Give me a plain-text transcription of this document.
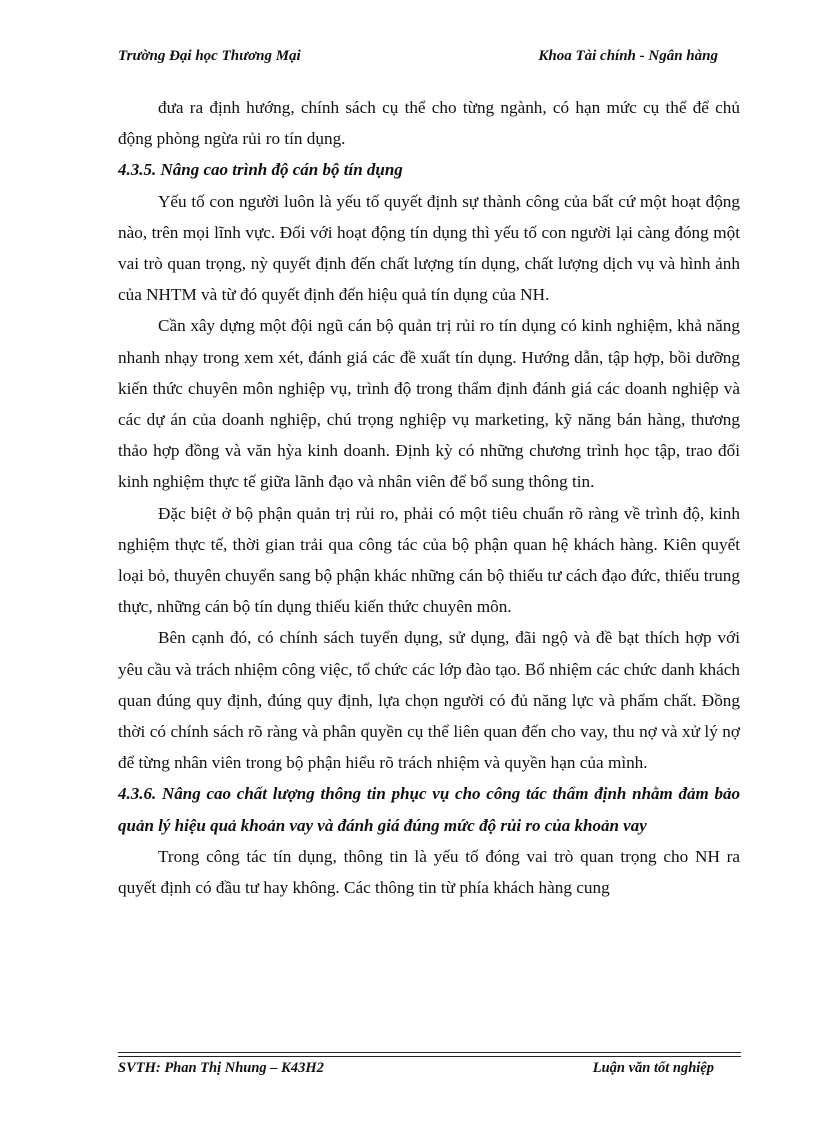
Trường Đại học Thương Mại	Khoa Tài chính - Ngân hàng

đưa ra định hướng, chính sách cụ thể cho từng ngành, có hạn mức cụ thể để chủ động phòng ngừa rủi ro tín dụng.

4.3.5. Nâng cao trình độ cán bộ tín dụng

Yếu tố con người luôn là yếu tố quyết định sự thành công của bất cứ một hoạt động nào, trên mọi lĩnh vực. Đối với hoạt động tín dụng thì yếu tố con người lại càng đóng một vai trò quan trọng, nỳ quyết định đến chất lượng tín dụng, chất lượng dịch vụ và hình ảnh của NHTM và từ đó quyết định đến hiệu quả tín dụng của NH.

Cần xây dựng một đội ngũ cán bộ quản trị rủi ro tín dụng có kinh nghiệm, khả năng nhanh nhạy trong xem xét, đánh giá các đề xuất tín dụng. Hướng dẫn, tập hợp, bồi dưỡng kiến thức chuyên môn nghiệp vụ, trình độ trong thẩm định đánh giá các doanh nghiệp và các dự án của doanh nghiệp, chú trọng nghiệp vụ marketing, kỹ năng bán hàng, thương thảo hợp đồng và văn hỳa kinh doanh. Định kỳ có những chương trình học tập, trao đổi kinh nghiệm thực tế giữa lãnh đạo và nhân viên để bổ sung thông tin.

Đặc biệt ở bộ phận quản trị rủi ro, phải có một tiêu chuẩn rõ ràng về trình độ, kinh nghiệm thực tế, thời gian trải qua công tác của bộ phận quan hệ khách hàng. Kiên quyết loại bỏ, thuyên chuyển sang bộ phận khác những cán bộ thiếu tư cách đạo đức, thiếu trung thực, những cán bộ tín dụng thiếu kiến thức chuyên môn.

Bên cạnh đó, có chính sách tuyển dụng, sử dụng, đãi ngộ và đề bạt thích hợp với yêu cầu và trách nhiệm công việc, tổ chức các lớp đào tạo. Bổ nhiệm các chức danh khách quan đúng quy định, đúng quy định, lựa chọn người có đủ năng lực và phẩm chất. Đồng thời có chính sách rõ ràng và phân quyền cụ thể liên quan đến cho vay, thu nợ và xử lý nợ để từng nhân viên trong bộ phận hiểu rõ trách nhiệm và quyền hạn của mình.

4.3.6. Nâng cao chất lượng thông tin phục vụ cho công tác thẩm định nhằm đảm bảo quản lý hiệu quả khoản vay và đánh giá đúng mức độ rủi ro của khoản vay

Trong công tác tín dụng, thông tin là yếu tố đóng vai trò quan trọng cho NH ra quyết định có đầu tư hay không. Các thông tin từ phía khách hàng cung

SVTH: Phan Thị Nhung – K43H2	Luận văn tốt nghiệp
